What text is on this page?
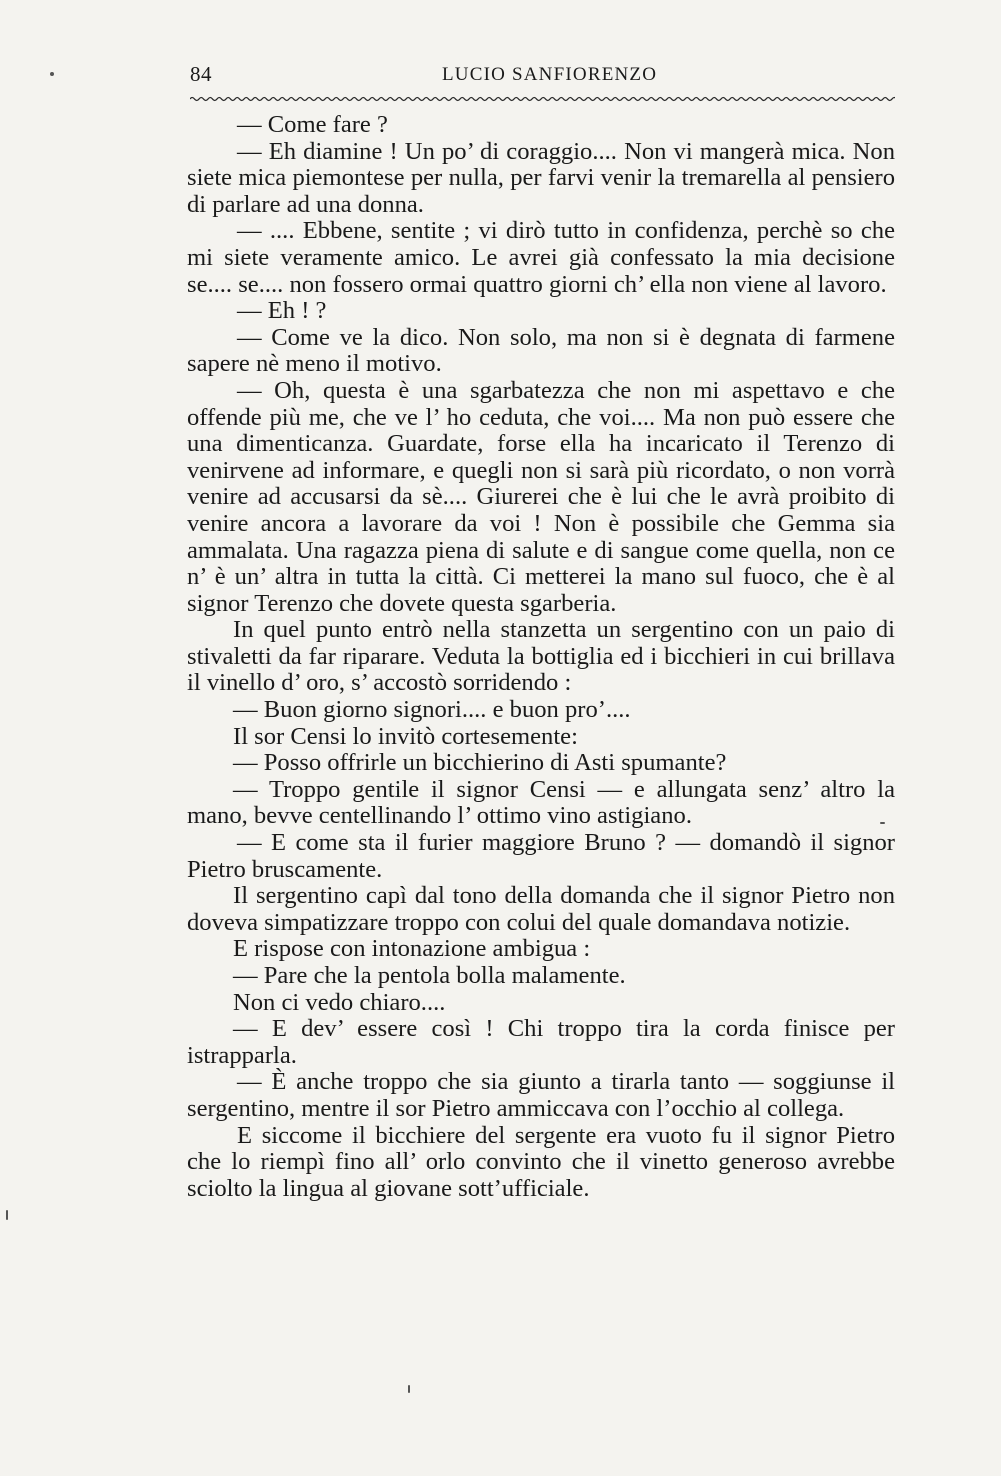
84	LUCIO SANFIORENZO

— Come fare ?

— Eh diamine ! Un po’ di coraggio.... Non vi mangerà mica. Non siete mica piemontese per nulla, per farvi venir la tremarella al pensiero di parlare ad una donna.

— .... Ebbene, sentite ; vi dirò tutto in confidenza, perchè so che mi siete veramente amico. Le avrei già confessato la mia decisione se.... se.... non fossero ormai quattro giorni ch’ ella non viene al lavoro.

— Eh ! ?

— Come ve la dico. Non solo, ma non si è degnata di farmene sapere nè meno il motivo.

— Oh, questa è una sgarbatezza che non mi aspettavo e che offende più me, che ve l’ ho ceduta, che voi.... Ma non può essere che una dimenticanza. Guardate, forse ella ha incaricato il Terenzo di venirvene ad informare, e quegli non si sarà più ricordato, o non vorrà venire ad accusarsi da sè.... Giurerei che è lui che le avrà proibito di venire ancora a lavorare da voi ! Non è possibile che Gemma sia ammalata. Una ragazza piena di salute e di sangue come quella, non ce n’ è un’ altra in tutta la città. Ci metterei la mano sul fuoco, che è al signor Terenzo che dovete questa sgarberia.

In quel punto entrò nella stanzetta un sergentino con un paio di stivaletti da far riparare. Veduta la bottiglia ed i bicchieri in cui brillava il vinello d’ oro, s’ accostò sorridendo :

— Buon giorno signori.... e buon pro’....

Il sor Censi lo invitò cortesemente:

— Posso offrirle un bicchierino di Asti spumante?

— Troppo gentile il signor Censi — e allungata senz’ altro la mano, bevve centellinando l’ ottimo vino astigiano.

— E come sta il furier maggiore Bruno ? — domandò il signor Pietro bruscamente.

Il sergentino capì dal tono della domanda che il signor Pietro non doveva simpatizzare troppo con colui del quale domandava notizie.

E rispose con intonazione ambigua :

— Pare che la pentola bolla malamente.

Non ci vedo chiaro....

— E dev’ essere così ! Chi troppo tira la corda finisce per istrapparla.

— È anche troppo che sia giunto a tirarla tanto — soggiunse il sergentino, mentre il sor Pietro ammiccava con l’occhio al collega.

E siccome il bicchiere del sergente era vuoto fu il signor Pietro che lo riempì fino all’ orlo convinto che il vinetto generoso avrebbe sciolto la lingua al giovane sott’ufficiale.
